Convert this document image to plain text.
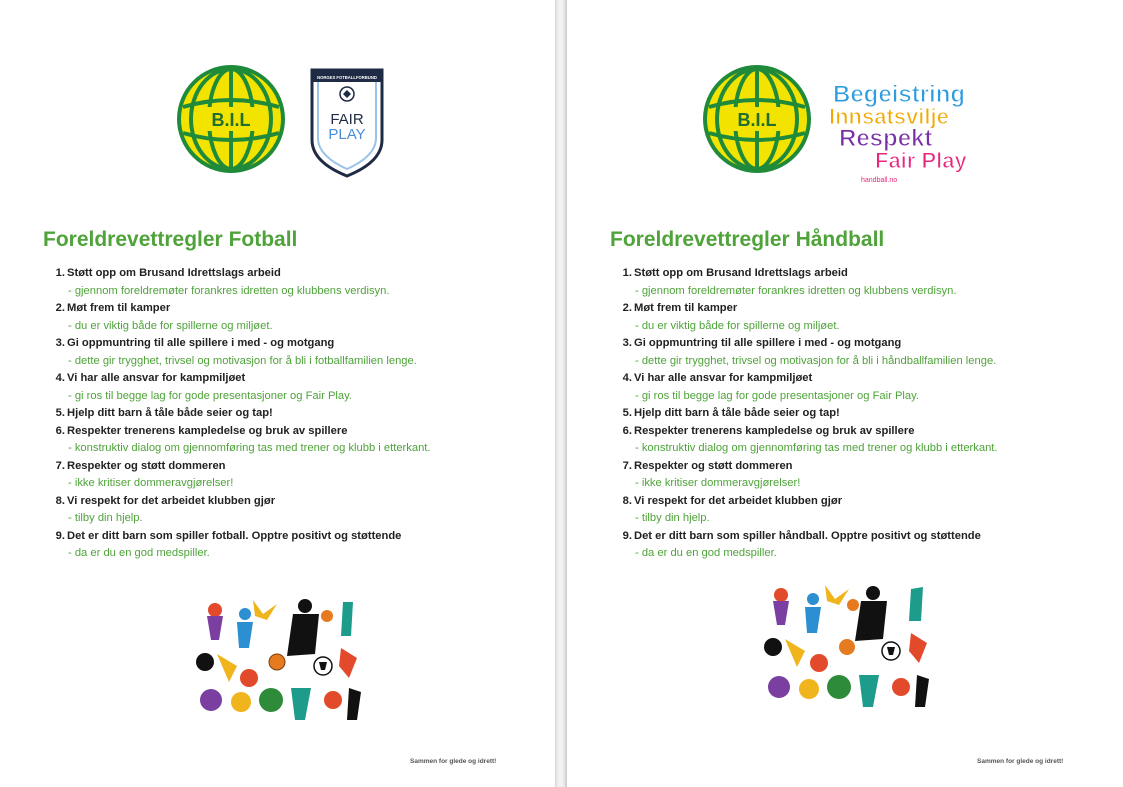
B.I.L
NORGES FOTBALLFORBUND
FAIR
PLAY
Foreldrevettregler Fotball
1. Støtt opp om Brusand Idrettslags arbeid
- gjennom foreldremøter forankres idretten og klubbens verdisyn.
2. Møt frem til kamper
- du er viktig både for spillerne og miljøet.
3. Gi oppmuntring til alle spillere i med - og motgang
- dette gir trygghet, trivsel og motivasjon for å bli i fotballfamilien lenge.
4. Vi har alle ansvar for kampmiljøet
- gi ros til begge lag for gode presentasjoner og Fair Play.
5. Hjelp ditt barn å tåle både seier og tap!
6. Respekter trenerens kampledelse og bruk av spillere
- konstruktiv dialog om gjennomføring tas med trener og klubb i etterkant.
7. Respekter og støtt dommeren
- ikke kritiser dommeravgjørelser!
8. Vi respekt for det arbeidet klubben gjør
- tilby din hjelp.
9. Det er ditt barn som spiller fotball. Opptre positivt og støttende
- da er du en god medspiller.
Sammen for glede og idrett!
B.I.L
Begeistring
Innsatsvilje
Respekt
Fair Play
handball.no
Foreldrevettregler Håndball
1. Støtt opp om Brusand Idrettslags arbeid
- gjennom foreldremøter forankres idretten og klubbens verdisyn.
2. Møt frem til kamper
- du er viktig både for spillerne og miljøet.
3. Gi oppmuntring til alle spillere i med - og motgang
- dette gir trygghet, trivsel og motivasjon for å bli i håndballfamilien lenge.
4. Vi har alle ansvar for kampmiljøet
- gi ros til begge lag for gode presentasjoner og Fair Play.
5. Hjelp ditt barn å tåle både seier og tap!
6. Respekter trenerens kampledelse og bruk av spillere
- konstruktiv dialog om gjennomføring tas med trener og klubb i etterkant.
7. Respekter og støtt dommeren
- ikke kritiser dommeravgjørelser!
8. Vi respekt for det arbeidet klubben gjør
- tilby din hjelp.
9. Det er ditt barn som spiller håndball. Opptre positivt og støttende
- da er du en god medspiller.
Sammen for glede og idrett!
